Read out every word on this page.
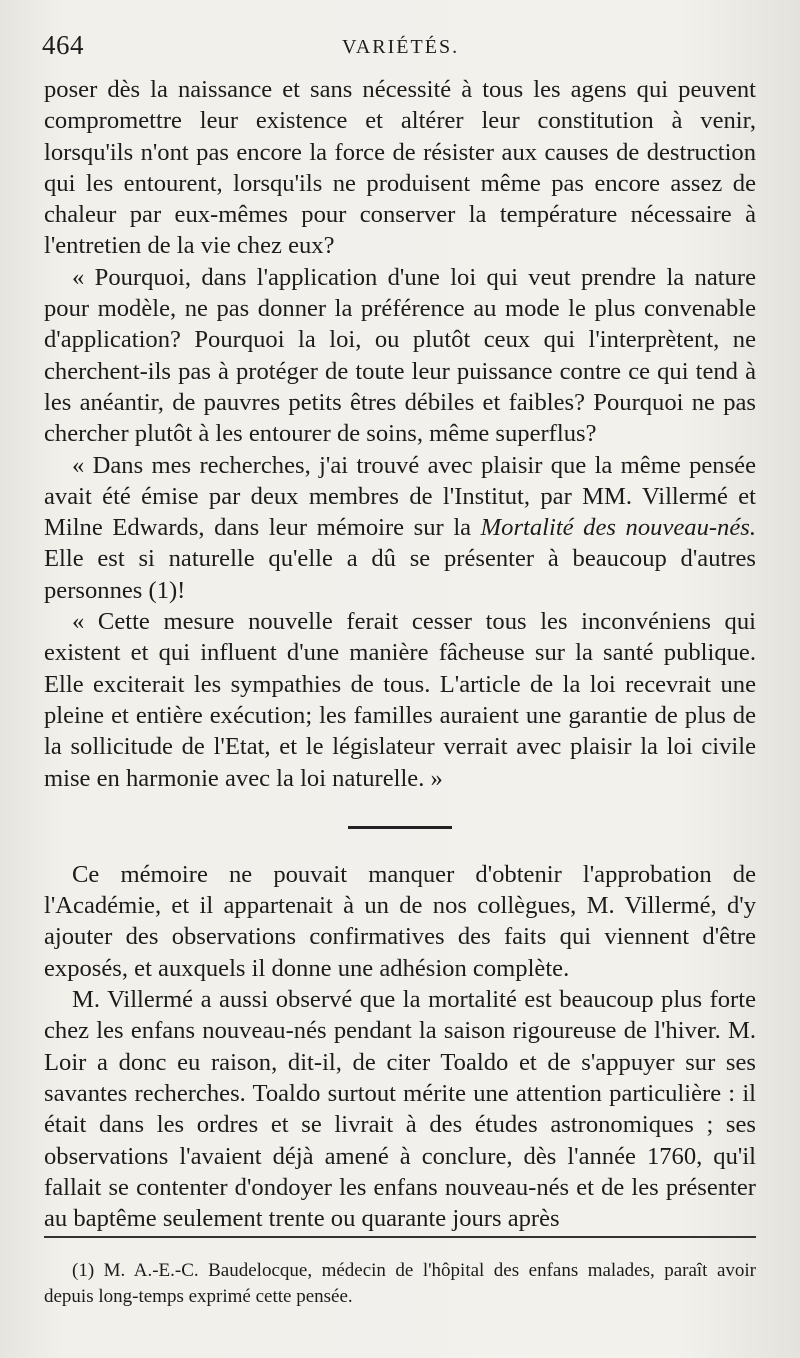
464	VARIÉTÉS.

poser dès la naissance et sans nécessité à tous les agens qui peuvent compromettre leur existence et altérer leur constitution à venir, lorsqu'ils n'ont pas encore la force de résister aux causes de destruction qui les entourent, lorsqu'ils ne produisent même pas encore assez de chaleur par eux-mêmes pour conserver la température nécessaire à l'entretien de la vie chez eux?

« Pourquoi, dans l'application d'une loi qui veut prendre la nature pour modèle, ne pas donner la préférence au mode le plus convenable d'application? Pourquoi la loi, ou plutôt ceux qui l'interprètent, ne cherchent-ils pas à protéger de toute leur puissance contre ce qui tend à les anéantir, de pauvres petits êtres débiles et faibles? Pourquoi ne pas chercher plutôt à les entourer de soins, même superflus?

« Dans mes recherches, j'ai trouvé avec plaisir que la même pensée avait été émise par deux membres de l'Institut, par MM. Villermé et Milne Edwards, dans leur mémoire sur la Mortalité des nouveau-nés. Elle est si naturelle qu'elle a dû se présenter à beaucoup d'autres personnes (1)!

« Cette mesure nouvelle ferait cesser tous les inconvéniens qui existent et qui influent d'une manière fâcheuse sur la santé publique. Elle exciterait les sympathies de tous. L'article de la loi recevrait une pleine et entière exécution; les familles auraient une garantie de plus de la sollicitude de l'Etat, et le législateur verrait avec plaisir la loi civile mise en harmonie avec la loi naturelle. »

Ce mémoire ne pouvait manquer d'obtenir l'approbation de l'Académie, et il appartenait à un de nos collègues, M. Villermé, d'y ajouter des observations confirmatives des faits qui viennent d'être exposés, et auxquels il donne une adhésion complète.

M. Villermé a aussi observé que la mortalité est beaucoup plus forte chez les enfans nouveau-nés pendant la saison rigoureuse de l'hiver. M. Loir a donc eu raison, dit-il, de citer Toaldo et de s'appuyer sur ses savantes recherches. Toaldo surtout mérite une attention particulière : il était dans les ordres et se livrait à des études astronomiques ; ses observations l'avaient déjà amené à conclure, dès l'année 1760, qu'il fallait se contenter d'ondoyer les enfans nouveau-nés et de les présenter au baptême seulement trente ou quarante jours après

(1) M. A.-E.-C. Baudelocque, médecin de l'hôpital des enfans malades, paraît avoir depuis long-temps exprimé cette pensée.
